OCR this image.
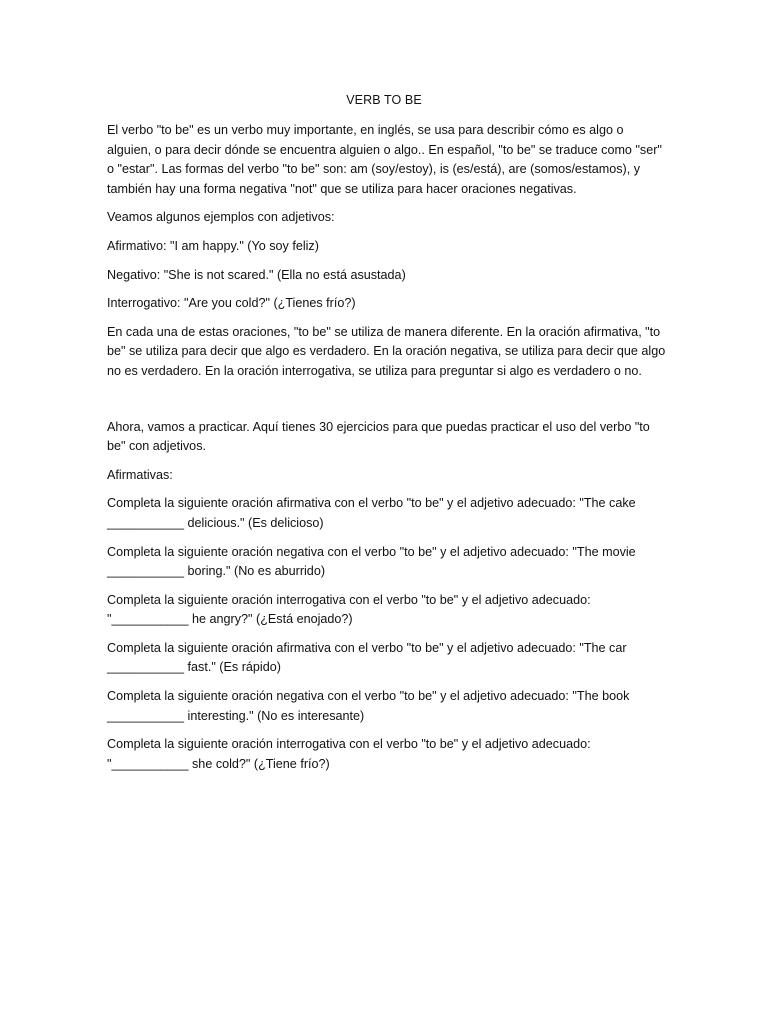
VERB TO BE

El verbo "to be" es un verbo muy importante, en inglés, se usa para describir cómo es algo o alguien, o para decir dónde se encuentra alguien o algo.. En español, "to be" se traduce como "ser" o "estar". Las formas del verbo "to be" son: am (soy/estoy), is (es/está), are (somos/estamos), y también hay una forma negativa "not" que se utiliza para hacer oraciones negativas.

Veamos algunos ejemplos con adjetivos:

Afirmativo: "I am happy." (Yo soy feliz)

Negativo: "She is not scared." (Ella no está asustada)

Interrogativo: "Are you cold?" (¿Tienes frío?)

En cada una de estas oraciones, "to be" se utiliza de manera diferente. En la oración afirmativa, "to be" se utiliza para decir que algo es verdadero. En la oración negativa, se utiliza para decir que algo no es verdadero. En la oración interrogativa, se utiliza para preguntar si algo es verdadero o no.

Ahora, vamos a practicar. Aquí tienes 30 ejercicios para que puedas practicar el uso del verbo "to be" con adjetivos.

Afirmativas:

Completa la siguiente oración afirmativa con el verbo "to be" y el adjetivo adecuado: "The cake ___________ delicious." (Es delicioso)

Completa la siguiente oración negativa con el verbo "to be" y el adjetivo adecuado: "The movie ___________ boring." (No es aburrido)

Completa la siguiente oración interrogativa con el verbo "to be" y el adjetivo adecuado: "___________ he angry?" (¿Está enojado?)

Completa la siguiente oración afirmativa con el verbo "to be" y el adjetivo adecuado: "The car ___________ fast." (Es rápido)

Completa la siguiente oración negativa con el verbo "to be" y el adjetivo adecuado: "The book ___________ interesting." (No es interesante)

Completa la siguiente oración interrogativa con el verbo "to be" y el adjetivo adecuado: "___________ she cold?" (¿Tiene frío?)
